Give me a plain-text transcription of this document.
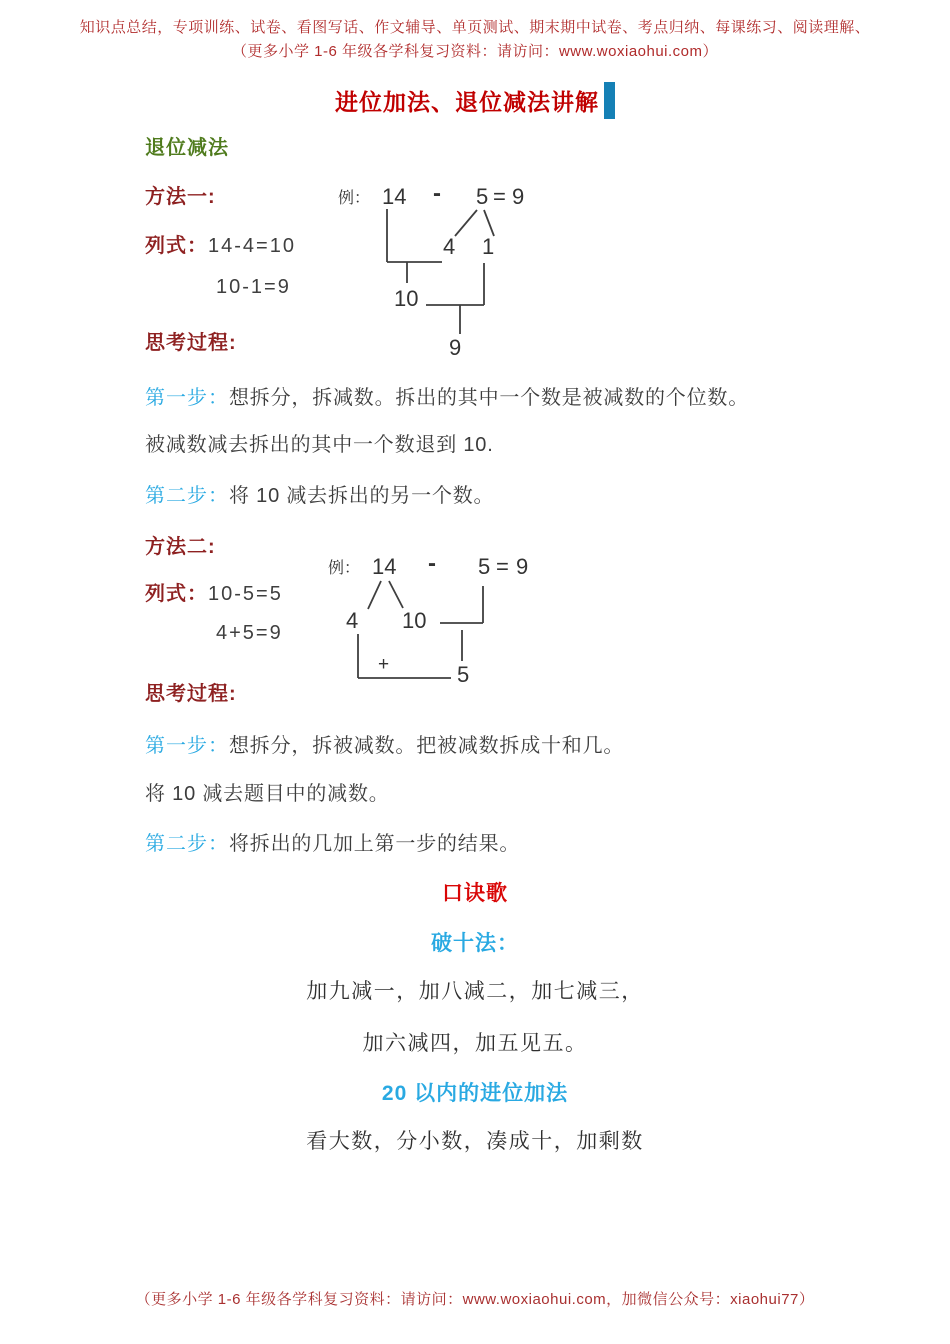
知识点总结，专项训练、试卷、看图写话、作文辅导、单页测试、期末期中试卷、考点归纳、每课练习、阅读理解、
（更多小学 1-6 年级各学科复习资料：请访问：www.woxiaohui.com）
进位加法、退位减法讲解
退位减法
方法一:
列式：14-4=10
10-1=9
思考过程:
第一步：想拆分，拆减数。拆出的其中一个数是被减数的个位数。
被减数减去拆出的其中一个数退到 10.
第二步：将 10 减去拆出的另一个数。
例： 14 - 5 = 9
10
4 1
9
方法二:
列式：10-5=5
4+5=9
思考过程:
第一步：想拆分，拆被减数。把被减数拆成十和几。
将 10 减去题目中的减数。
第二步：将拆出的几加上第一步的结果。
例： 14 - 5 = 9
4 10
5
+
口诀歌
破十法：
加九减一，加八减二，加七减三，
加六减四，加五见五。
20 以内的进位加法
看大数，分小数，凑成十，加剩数
（更多小学 1-6 年级各学科复习资料：请访问：www.woxiaohui.com，加微信公众号：xiaohui77）
